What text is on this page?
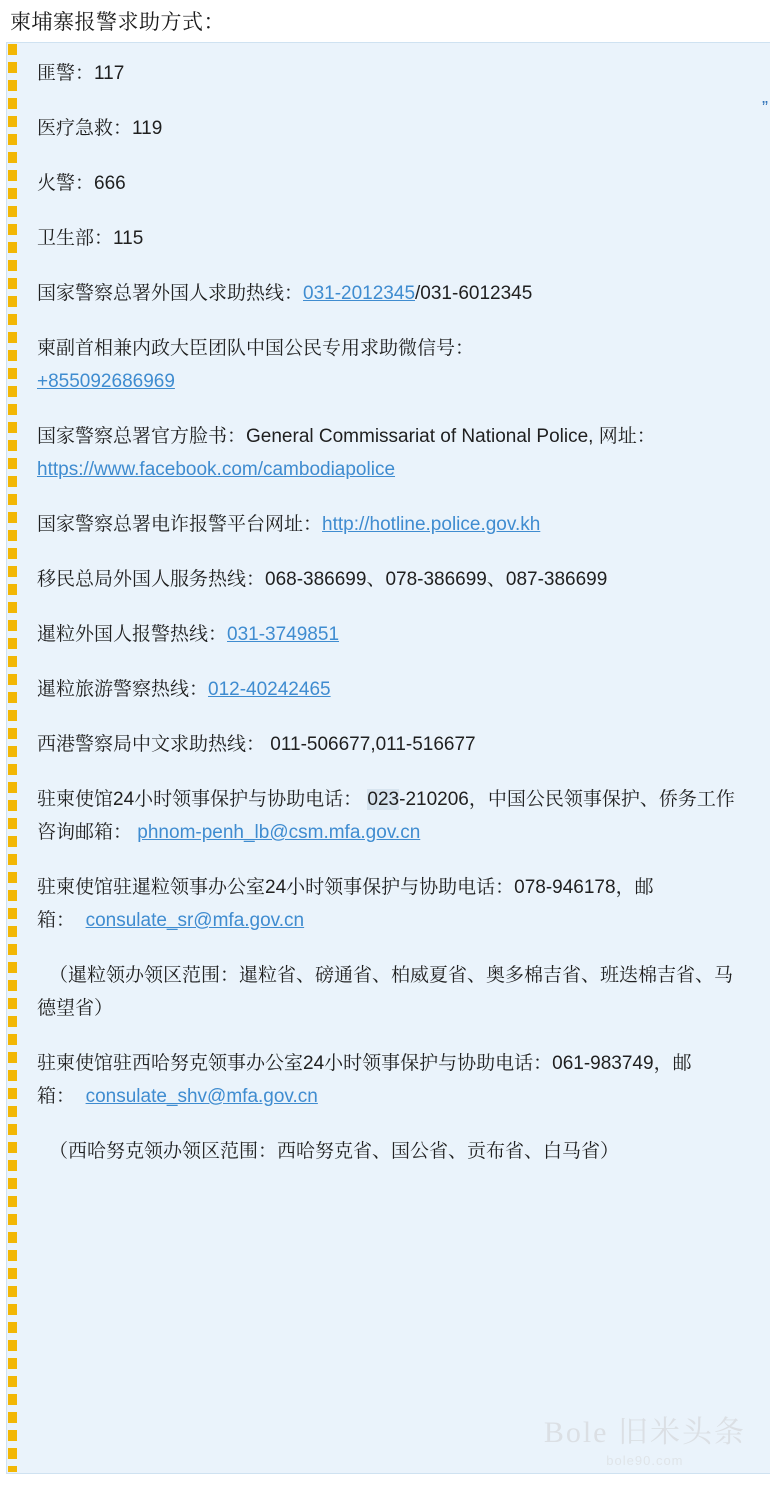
柬埔寨报警求助方式：
”

匪警：117

医疗急救：119

火警：666

卫生部：115

国家警察总署外国人求助热线：031-2012345/031-6012345

柬副首相兼内政大臣团队中国公民专用求助微信号：
+855092686969

国家警察总署官方脸书：General Commissariat of National Police, 网址：https://www.facebook.com/cambodiapolice

国家警察总署电诈报警平台网址：http://hotline.police.gov.kh

移民总局外国人服务热线：068-386699、078-386699、087-386699

暹粒外国人报警热线：031-3749851

暹粒旅游警察热线：012-40242465

西港警察局中文求助热线： 011-506677,011-516677

驻柬使馆24小时领事保护与协助电话： 023-210206，中国公民领事保护、侨务工作咨询邮箱： phnom-penh_lb@csm.mfa.gov.cn

驻柬使馆驻暹粒领事办公室24小时领事保护与协助电话：078-946178，邮箱： consulate_sr@mfa.gov.cn

（暹粒领办领区范围：暹粒省、磅通省、柏威夏省、奥多棉吉省、班迭棉吉省、马德望省）

驻柬使馆驻西哈努克领事办公室24小时领事保护与协助电话：061-983749，邮箱： consulate_shv@mfa.gov.cn

（西哈努克领办领区范围：西哈努克省、国公省、贡布省、白马省）

Bole 旧米头条
bole90.com
